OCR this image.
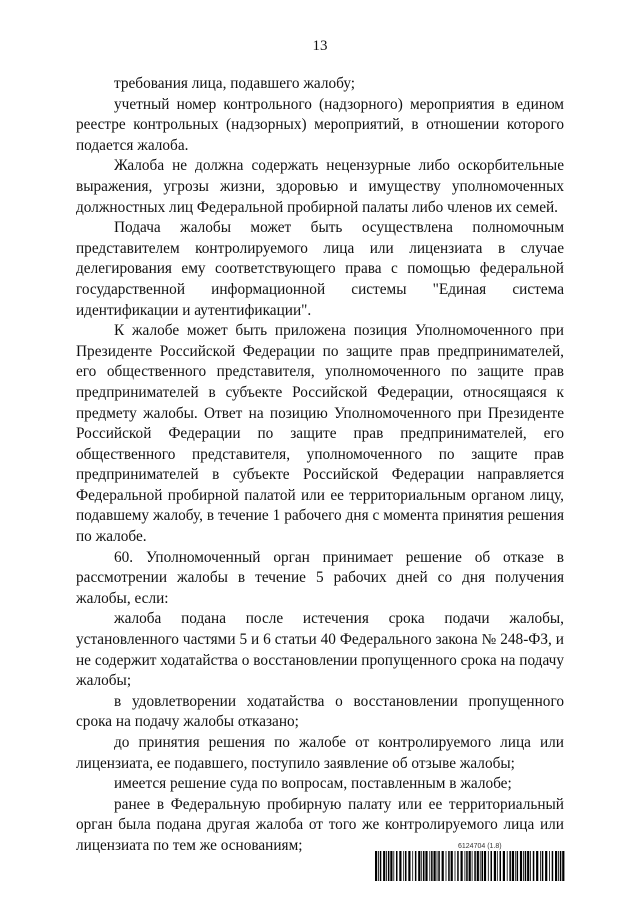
13

требования лица, подавшего жалобу;

учетный номер контрольного (надзорного) мероприятия в едином реестре контрольных (надзорных) мероприятий, в отношении которого подается жалоба.

Жалоба не должна содержать нецензурные либо оскорбительные выражения, угрозы жизни, здоровью и имуществу уполномоченных должностных лиц Федеральной пробирной палаты либо членов их семей.

Подача жалобы может быть осуществлена полномочным представителем контролируемого лица или лицензиата в случае делегирования ему соответствующего права с помощью федеральной государственной информационной системы "Единая система идентификации и аутентификации".

К жалобе может быть приложена позиция Уполномоченного при Президенте Российской Федерации по защите прав предпринимателей, его общественного представителя, уполномоченного по защите прав предпринимателей в субъекте Российской Федерации, относящаяся к предмету жалобы. Ответ на позицию Уполномоченного при Президенте Российской Федерации по защите прав предпринимателей, его общественного представителя, уполномоченного по защите прав предпринимателей в субъекте Российской Федерации направляется Федеральной пробирной палатой или ее территориальным органом лицу, подавшему жалобу, в течение 1 рабочего дня с момента принятия решения по жалобе.

60. Уполномоченный орган принимает решение об отказе в рассмотрении жалобы в течение 5 рабочих дней со дня получения жалобы, если:

жалоба подана после истечения срока подачи жалобы, установленного частями 5 и 6 статьи 40 Федерального закона № 248-ФЗ, и не содержит ходатайства о восстановлении пропущенного срока на подачу жалобы;

в удовлетворении ходатайства о восстановлении пропущенного срока на подачу жалобы отказано;

до принятия решения по жалобе от контролируемого лица или лицензиата, ее подавшего, поступило заявление об отзыве жалобы;

имеется решение суда по вопросам, поставленным в жалобе;

ранее в Федеральную пробирную палату или ее территориальный орган была подана другая жалоба от того же контролируемого лица или лицензиата по тем же основаниям;	6124704 (1.8)
